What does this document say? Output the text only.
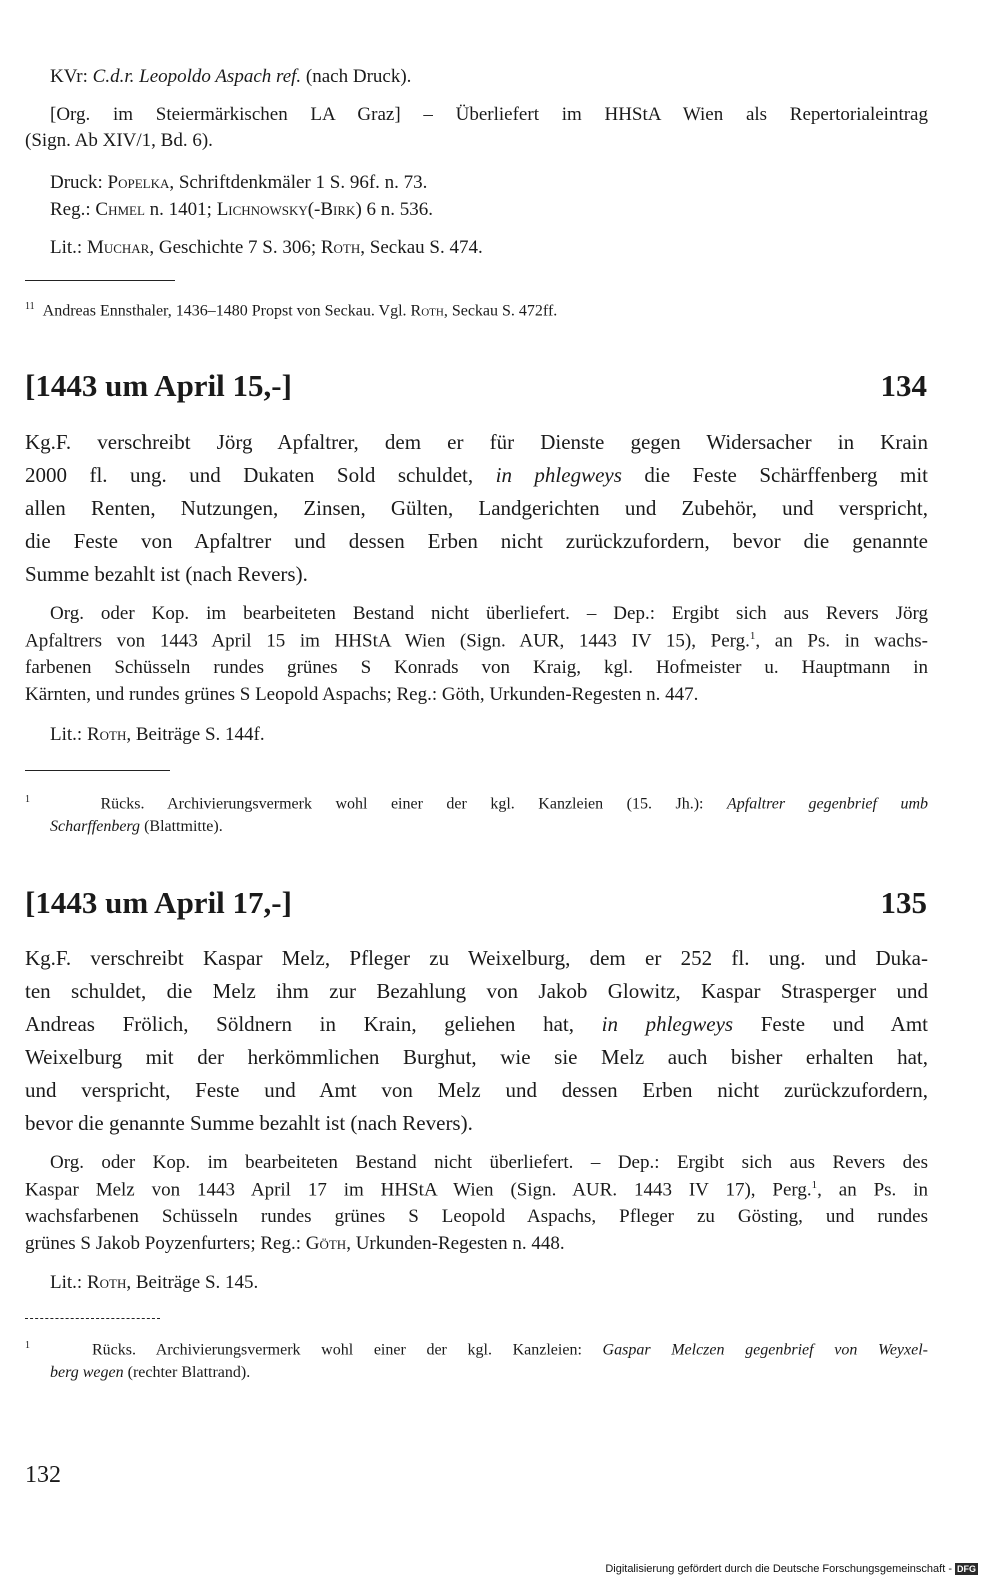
KVr: C.d.r. Leopoldo Aspach ref. (nach Druck).
[Org. im Steiermärkischen LA Graz] – Überliefert im HHStA Wien als Repertorialeintrag
(Sign. Ab XIV/1, Bd. 6).
Druck: Popelka, Schriftdenkmäler 1 S. 96f. n. 73.
Reg.: Chmel n. 1401; Lichnowsky(-Birk) 6 n. 536.
Lit.: Muchar, Geschichte 7 S. 306; Roth, Seckau S. 474.
$^{11}$ Andreas Ennsthaler, 1436–1480 Propst von Seckau. Vgl. Roth, Seckau S. 472ff.
[1443 um April 15,-]	134
Kg.F. verschreibt Jörg Apfaltrer, dem er für Dienste gegen Widersacher in Krain
2000 fl. ung. und Dukaten Sold schuldet, in phlegweys die Feste Schärffenberg mit
allen Renten, Nutzungen, Zinsen, Gülten, Landgerichten und Zubehör, und verspricht,
die Feste von Apfaltrer und dessen Erben nicht zurückzufordern, bevor die genannte
Summe bezahlt ist (nach Revers).
Org. oder Kop. im bearbeiteten Bestand nicht überliefert. – Dep.: Ergibt sich aus Revers Jörg
Apfaltrers von 1443 April 15 im HHStA Wien (Sign. AUR, 1443 IV 15), Perg.$^1$, an Ps. in wachs-
farbenen Schüsseln rundes grünes S Konrads von Kraig, kgl. Hofmeister u. Hauptmann in
Kärnten, und rundes grünes S Leopold Aspachs; Reg.: Göth, Urkunden-Regesten n. 447.
Lit.: Roth, Beiträge S. 144f.
$^1$	Rücks. Archivierungsvermerk wohl einer der kgl. Kanzleien (15. Jh.): Apfaltrer gegenbrief umb
Scharffenberg (Blattmitte).
[1443 um April 17,-]	135
Kg.F. verschreibt Kaspar Melz, Pfleger zu Weixelburg, dem er 252 fl. ung. und Duka-
ten schuldet, die Melz ihm zur Bezahlung von Jakob Glowitz, Kaspar Strasperger und
Andreas Frölich, Söldnern in Krain, geliehen hat, in phlegweys Feste und Amt
Weixelburg mit der herkömmlichen Burghut, wie sie Melz auch bisher erhalten hat,
und verspricht, Feste und Amt von Melz und dessen Erben nicht zurückzufordern,
bevor die genannte Summe bezahlt ist (nach Revers).
Org. oder Kop. im bearbeiteten Bestand nicht überliefert. – Dep.: Ergibt sich aus Revers des
Kaspar Melz von 1443 April 17 im HHStA Wien (Sign. AUR. 1443 IV 17), Perg.$^1$, an Ps. in
wachsfarbenen Schüsseln rundes grünes S Leopold Aspachs, Pfleger zu Gösting, und rundes
grünes S Jakob Poyzenfurters; Reg.: Göth, Urkunden-Regesten n. 448.
Lit.: Roth, Beiträge S. 145.
$^1$	Rücks. Archivierungsvermerk wohl einer der kgl. Kanzleien: Gaspar Melczen gegenbrief von Weyxel-
berg wegen (rechter Blattrand).
132
Digitalisierung gefördert durch die Deutsche Forschungsgemeinschaft - DFG
